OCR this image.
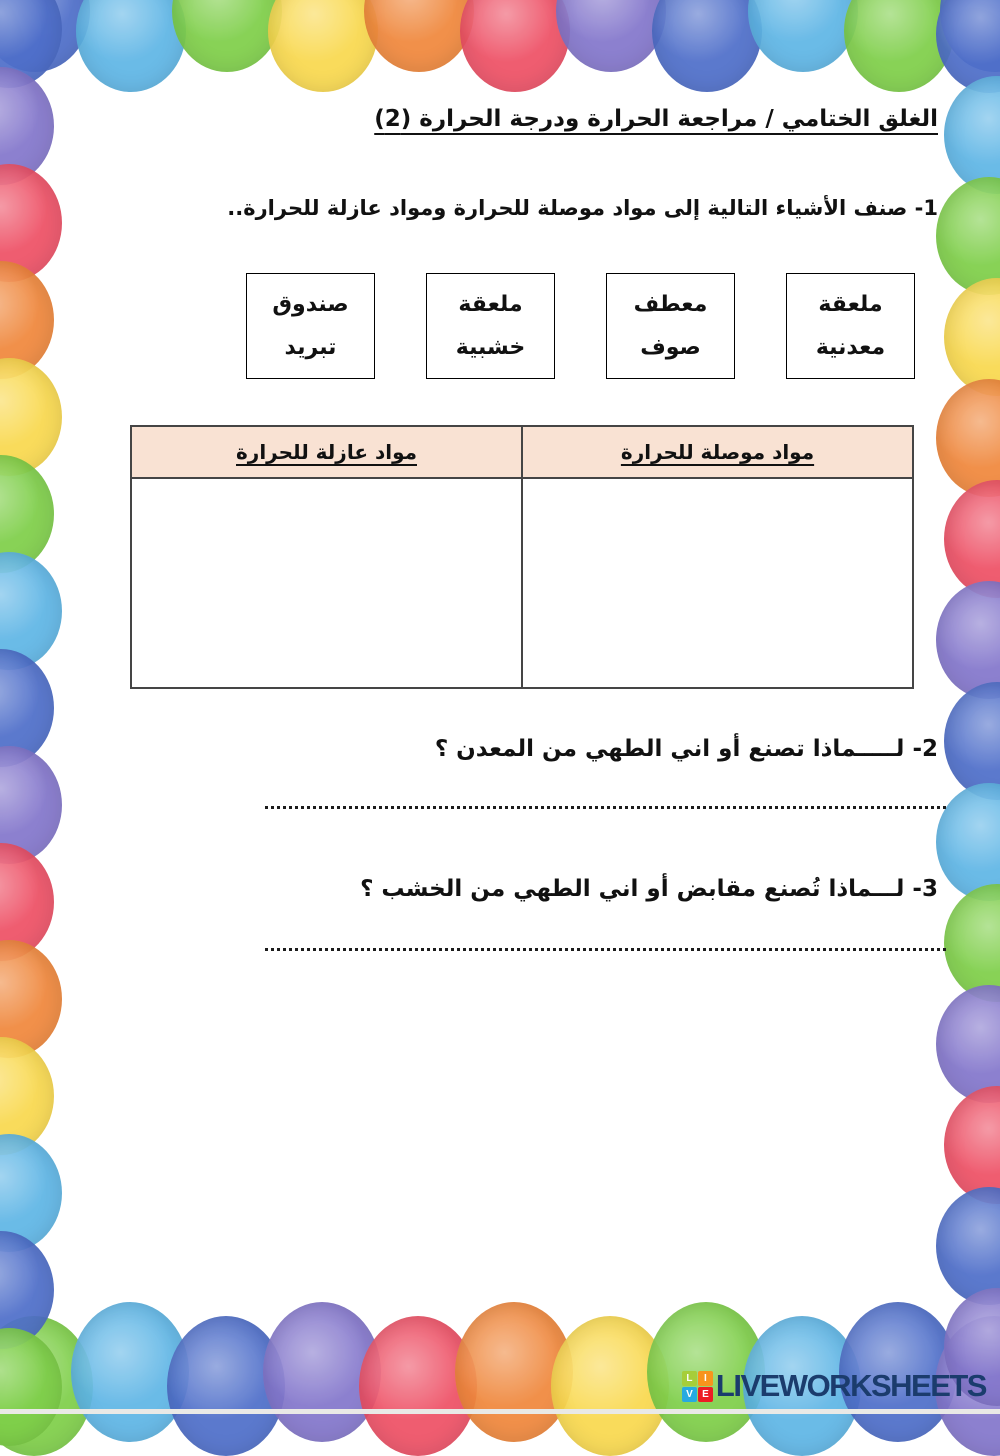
الغلق الختامي / مراجعة الحرارة ودرجة الحرارة (2)
1- صنف الأشياء التالية إلى مواد موصلة للحرارة ومواد عازلة للحرارة..
ملعقة
معدنية
معطف
صوف
ملعقة
خشبية
صندوق
تبريد
مواد موصلة للحرارة
مواد عازلة للحرارة
2- لـــــماذا تصنع أو اني الطهي من المعدن ؟
3- لـــماذا تُصنع مقابض أو اني الطهي من الخشب ؟
L	I
V E LIVEWORKSHEETS
